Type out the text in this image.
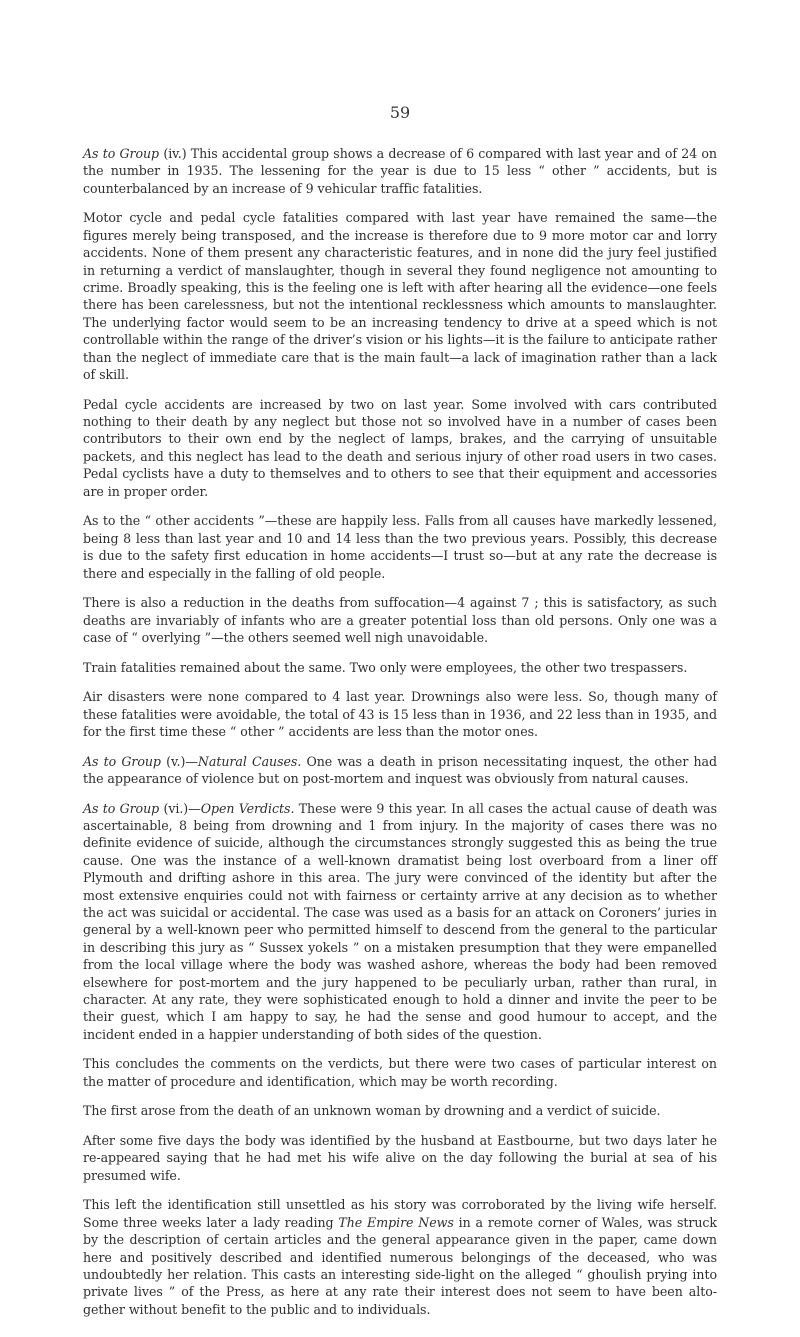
59

As to Group (iv.) This accidental group shows a decrease of 6 compared with last year and of 24 on the number in 1935. The lessening for the year is due to 15 less “ other ” accidents, but is counterbalanced by an increase of 9 vehicular traffic fatalities.

Motor cycle and pedal cycle fatalities compared with last year have remained the same—the figures merely being transposed, and the increase is therefore due to 9 more motor car and lorry accidents. None of them present any characteristic features, and in none did the jury feel justified in returning a verdict of manslaughter, though in several they found negligence not amounting to crime. Broadly speaking, this is the feeling one is left with after hearing all the evidence—one feels there has been carelessness, but not the intentional recklessness which amounts to manslaughter. The underlying factor would seem to be an increasing tendency to drive at a speed which is not controllable within the range of the driver’s vision or his lights—it is the failure to anticipate rather than the neglect of immediate care that is the main fault—a lack of imagination rather than a lack of skill.

Pedal cycle accidents are increased by two on last year. Some involved with cars contributed nothing to their death by any neglect but those not so involved have in a number of cases been contributors to their own end by the neglect of lamps, brakes, and the carrying of unsuitable packets, and this neglect has lead to the death and serious injury of other road users in two cases. Pedal cyclists have a duty to themselves and to others to see that their equipment and accessories are in proper order.

As to the “ other accidents ”—these are happily less. Falls from all causes have markedly lessened, being 8 less than last year and 10 and 14 less than the two previous years. Possibly, this decrease is due to the safety first education in home accidents—I trust so—but at any rate the decrease is there and especially in the falling of old people.

There is also a reduction in the deaths from suffocation—4 against 7 ; this is satisfactory, as such deaths are invariably of infants who are a greater potential loss than old persons. Only one was a case of “ overlying ”—the others seemed well nigh unavoidable.

Train fatalities remained about the same. Two only were employees, the other two trespassers.

Air disasters were none compared to 4 last year. Drownings also were less. So, though many of these fatalities were avoidable, the total of 43 is 15 less than in 1936, and 22 less than in 1935, and for the first time these “ other ” accidents are less than the motor ones.

As to Group (v.)—Natural Causes. One was a death in prison necessitating inquest, the other had the appearance of violence but on post-mortem and inquest was obviously from natural causes.

As to Group (vi.)—Open Verdicts. These were 9 this year. In all cases the actual cause of death was ascertainable, 8 being from drowning and 1 from injury. In the majority of cases there was no definite evidence of suicide, although the circumstances strongly suggested this as being the true cause. One was the instance of a well-known dramatist being lost overboard from a liner off Plymouth and drifting ashore in this area. The jury were convinced of the identity but after the most extensive enquiries could not with fairness or certainty arrive at any decision as to whether the act was suicidal or accidental. The case was used as a basis for an attack on Coroners’ juries in general by a well-known peer who permitted himself to descend from the general to the particular in describing this jury as “ Sussex yokels ” on a mistaken presumption that they were empanelled from the local village where the body was washed ashore, whereas the body had been removed elsewhere for post-mortem and the jury happened to be peculiarly urban, rather than rural, in character. At any rate, they were sophisticated enough to hold a dinner and invite the peer to be their guest, which I am happy to say, he had the sense and good humour to accept, and the incident ended in a happier understanding of both sides of the question.

This concludes the comments on the verdicts, but there were two cases of particular interest on the matter of procedure and identification, which may be worth recording.

The first arose from the death of an unknown woman by drowning and a verdict of suicide.

After some five days the body was identified by the husband at Eastbourne, but two days later he re-appeared saying that he had met his wife alive on the day following the burial at sea of his presumed wife.

This left the identification still unsettled as his story was corroborated by the living wife herself. Some three weeks later a lady reading The Empire News in a remote corner of Wales, was struck by the description of certain articles and the general appearance given in the paper, came down here and positively described and identified numerous belongings of the deceased, who was undoubtedly her relation. This casts an interesting side-light on the alleged “ ghoulish prying into private lives ” of the Press, as here at any rate their interest does not seem to have been alto-gether without benefit to the public and to individuals.
